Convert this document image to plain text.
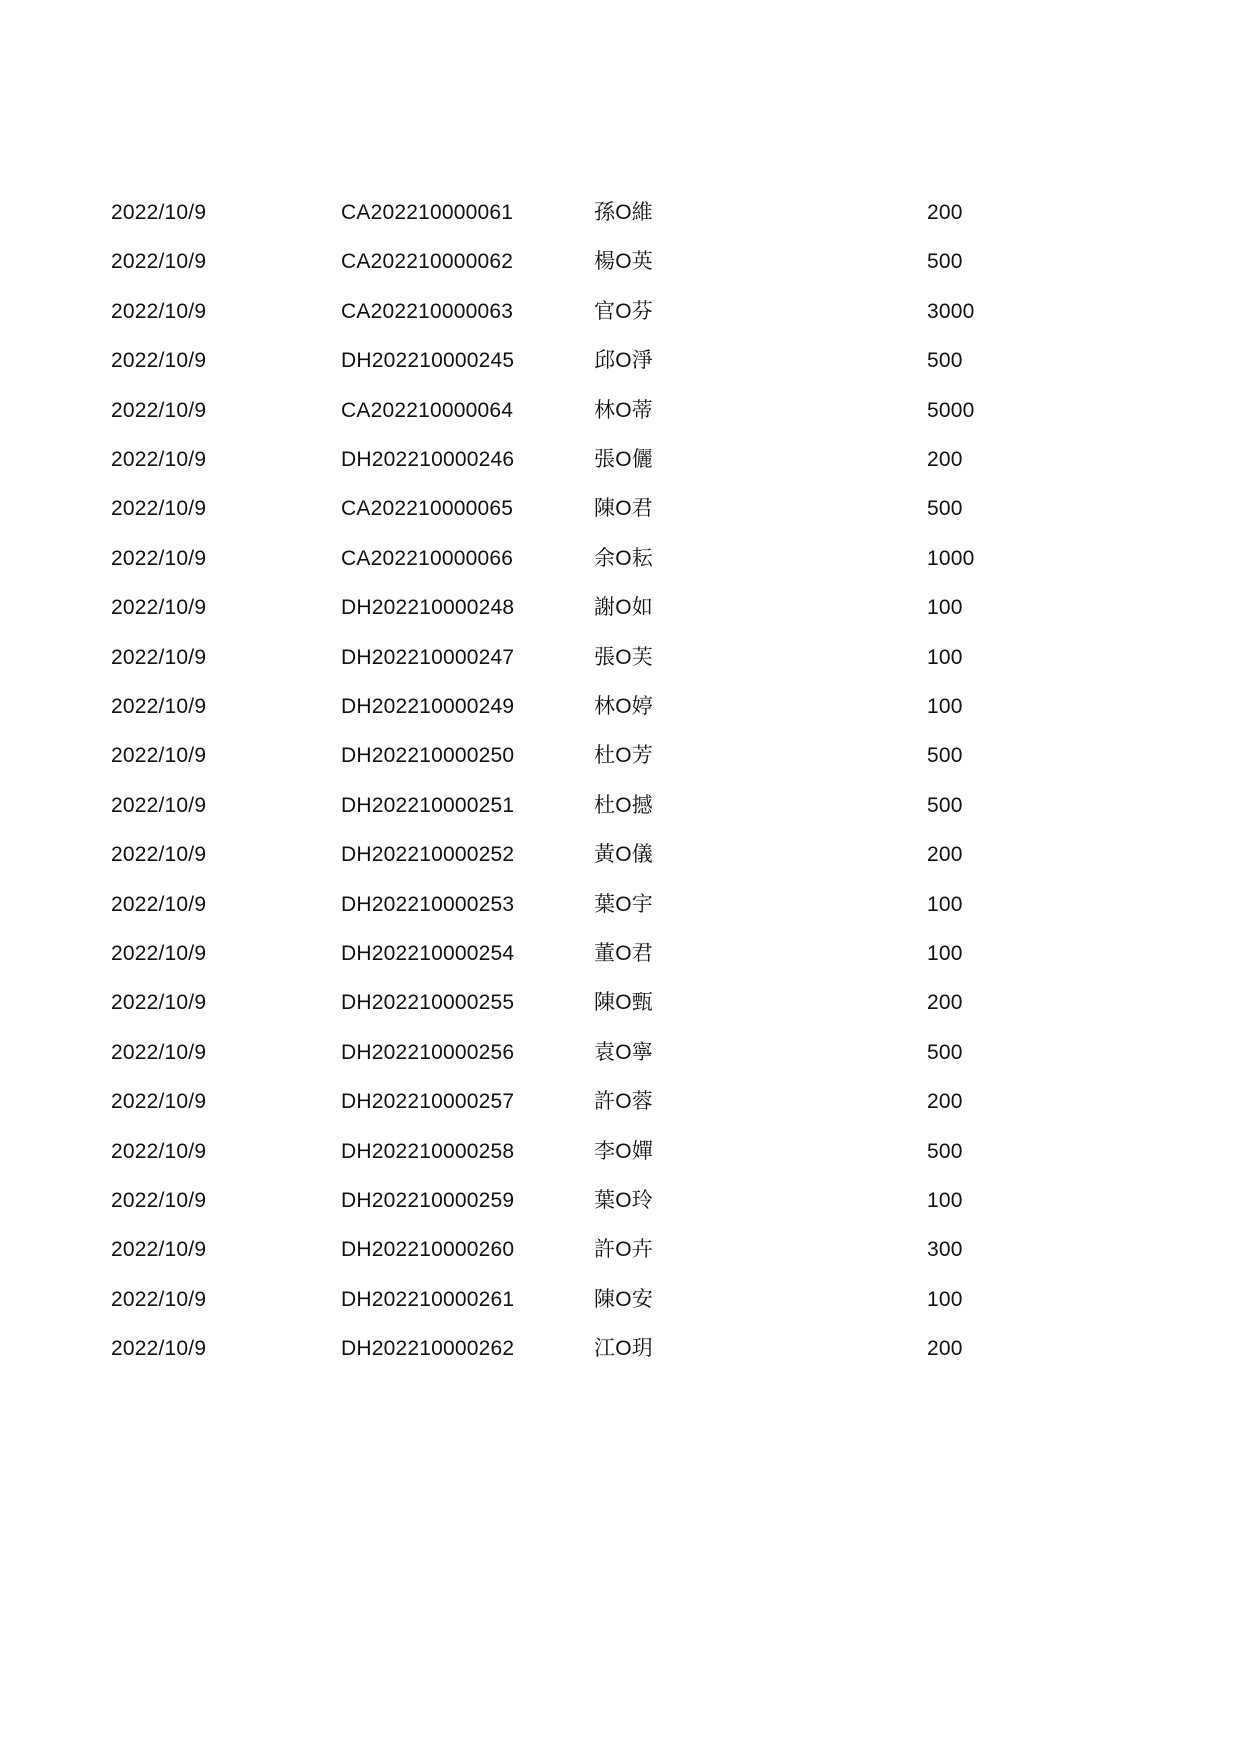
2022/10/9	CA202210000061	孫O維	200
2022/10/9	CA202210000062	楊O英	500
2022/10/9	CA202210000063	官O芬	3000
2022/10/9	DH202210000245	邱O淨	500
2022/10/9	CA202210000064	林O蒂	5000
2022/10/9	DH202210000246	張O儷	200
2022/10/9	CA202210000065	陳O君	500
2022/10/9	CA202210000066	余O耘	1000
2022/10/9	DH202210000248	謝O如	100
2022/10/9	DH202210000247	張O芙	100
2022/10/9	DH202210000249	林O婷	100
2022/10/9	DH202210000250	杜O芳	500
2022/10/9	DH202210000251	杜O撼	500
2022/10/9	DH202210000252	黃O儀	200
2022/10/9	DH202210000253	葉O宇	100
2022/10/9	DH202210000254	董O君	100
2022/10/9	DH202210000255	陳O甄	200
2022/10/9	DH202210000256	袁O寧	500
2022/10/9	DH202210000257	許O蓉	200
2022/10/9	DH202210000258	李O嬋	500
2022/10/9	DH202210000259	葉O玲	100
2022/10/9	DH202210000260	許O卉	300
2022/10/9	DH202210000261	陳O安	100
2022/10/9	DH202210000262	江O玥	200
